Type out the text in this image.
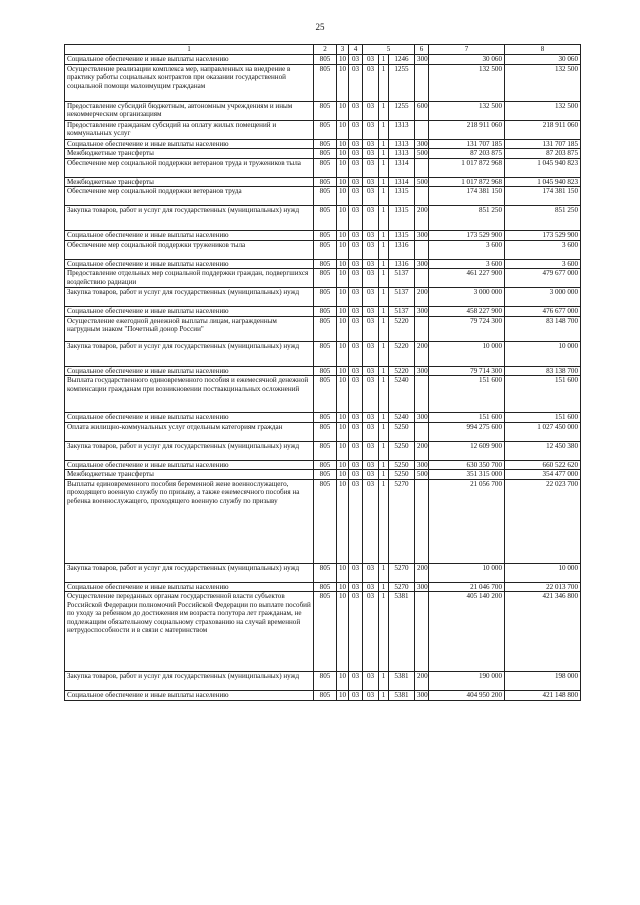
25
1	2	3	4	5			6	7	8
Социальное обеспечение и иные выплаты населению	805	10	03	03	1	1246	300	30 060	30 060
Осуществление реализации комплекса мер, направленных на внедрение в практику работы социальных контрактов при оказании государственной социальной помощи малоимущим гражданам	805	10	03	03	1	1255		132 500	132 500
Предоставление субсидий бюджетным, автономным учреждениям и иным некоммерческим организациям	805	10	03	03	1	1255	600	132 500	132 500
Предоставление гражданам субсидий на оплату жилых помещений и коммунальных услуг	805	10	03	03	1	1313		218 911 060	218 911 060
Социальное обеспечение и иные выплаты населению	805	10	03	03	1	1313	300	131 707 185	131 707 185
Межбюджетные трансферты	805	10	03	03	1	1313	500	87 203 875	87 203 875
Обеспечение мер социальной поддержки ветеранов труда и тружеников тыла	805	10	03	03	1	1314		1 017 872 968	1 045 940 823
Межбюджетные трансферты	805	10	03	03	1	1314	500	1 017 872 968	1 045 940 823
Обеспечение мер социальной поддержки ветеранов труда	805	10	03	03	1	1315		174 381 150	174 381 150
Закупка товаров, работ и услуг для государственных (муниципальных) нужд	805	10	03	03	1	1315	200	851 250	851 250
Социальное обеспечение и иные выплаты населению	805	10	03	03	1	1315	300	173 529 900	173 529 900
Обеспечение мер социальной поддержки тружеников тыла	805	10	03	03	1	1316		3 600	3 600
Социальное обеспечение и иные выплаты населению	805	10	03	03	1	1316	300	3 600	3 600
Предоставление отдельных мер социальной поддержки граждан, подвергшихся воздействию радиации	805	10	03	03	1	5137		461 227 900	479 677 000
Закупка товаров, работ и услуг для государственных (муниципальных) нужд	805	10	03	03	1	5137	200	3 000 000	3 000 000
Социальное обеспечение и иные выплаты населению	805	10	03	03	1	5137	300	458 227 900	476 677 000
Осуществление ежегодной денежной выплаты лицам, награжденным нагрудным знаком "Почетный донор России"	805	10	03	03	1	5220		79 724 300	83 148 700
Закупка товаров, работ и услуг для государственных (муниципальных) нужд	805	10	03	03	1	5220	200	10 000	10 000
Социальное обеспечение и иные выплаты населению	805	10	03	03	1	5220	300	79 714 300	83 138 700
Выплата государственного единовременного пособия и ежемесячной денежной компенсации гражданам при возникновении поствакцинальных осложнений	805	10	03	03	1	5240		151 600	151 600
Социальное обеспечение и иные выплаты населению	805	10	03	03	1	5240	300	151 600	151 600
Оплата жилищно-коммунальных услуг отдельным категориям граждан	805	10	03	03	1	5250		994 275 600	1 027 450 000
Закупка товаров, работ и услуг для государственных (муниципальных) нужд	805	10	03	03	1	5250	200	12 609 900	12 450 380
Социальное обеспечение и иные выплаты населению	805	10	03	03	1	5250	300	630 350 700	660 522 620
Межбюджетные трансферты	805	10	03	03	1	5250	500	351 315 000	354 477 000
Выплаты единовременного пособия беременной жене военнослужащего, проходящего военную службу по призыву, а также ежемесячного пособия на ребенка военнослужащего, проходящего военную службу по призыву	805	10	03	03	1	5270		21 056 700	22 023 700
Закупка товаров, работ и услуг для государственных (муниципальных) нужд	805	10	03	03	1	5270	200	10 000	10 000
Социальное обеспечение и иные выплаты населению	805	10	03	03	1	5270	300	21 046 700	22 013 700
Осуществление переданных органам государственной власти субъектов Российской Федерации полномочий Российской Федерации по выплате пособий по уходу за ребенком до достижения им возраста полутора лет гражданам, не подлежащим обязательному социальному страхованию на случай временной нетрудоспособности и в связи с материнством	805	10	03	03	1	5381		405 140 200	421 346 800
Закупка товаров, работ и услуг для государственных (муниципальных) нужд	805	10	03	03	1	5381	200	190 000	198 000
Социальное обеспечение и иные выплаты населению	805	10	03	03	1	5381	300	404 950 200	421 148 800
